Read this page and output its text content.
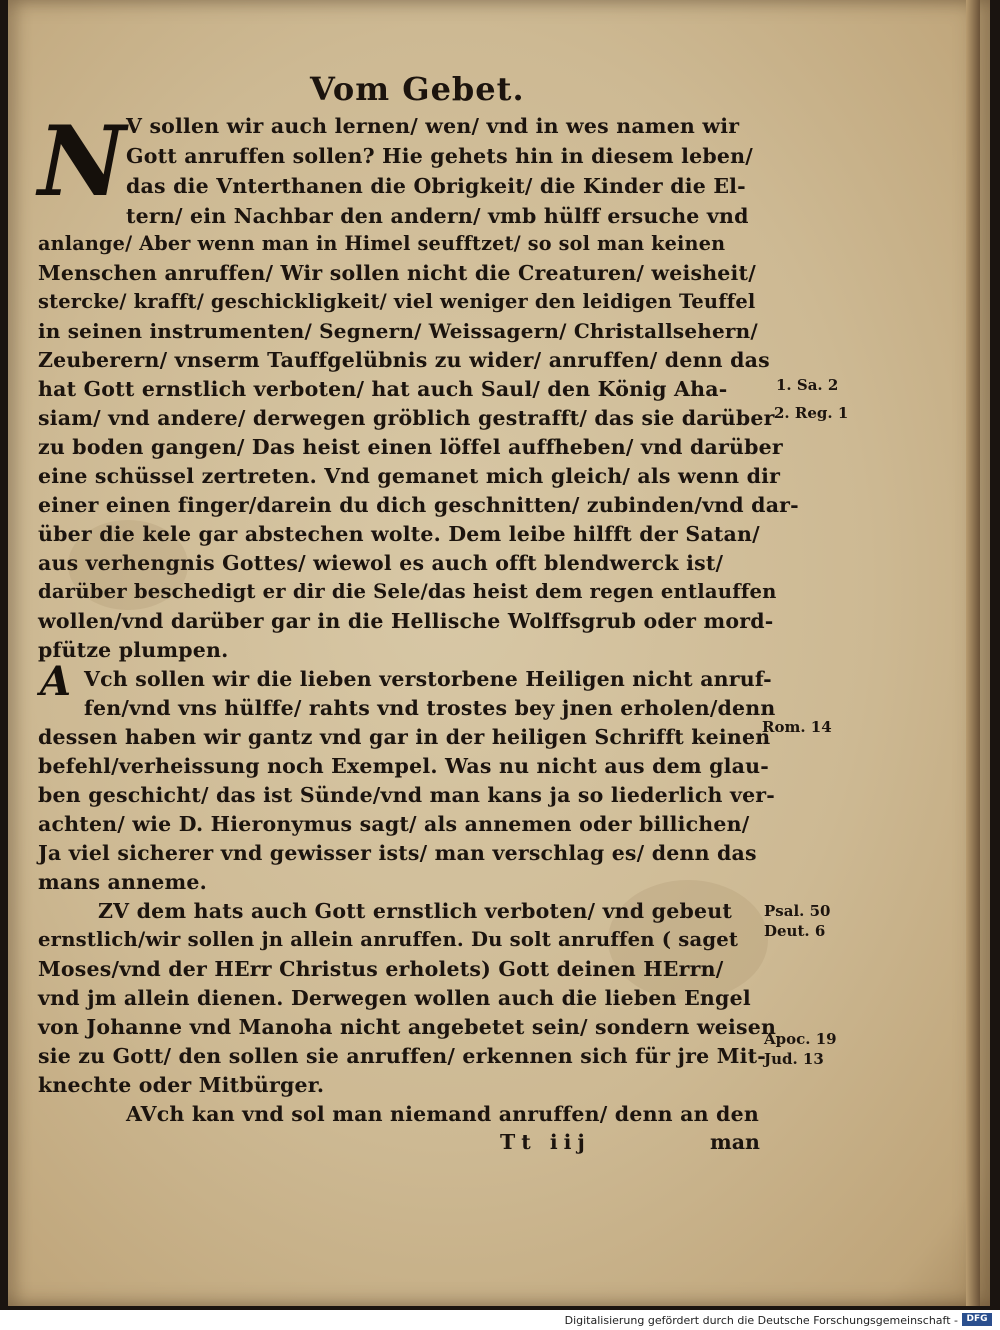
Vom Gebet.
N V sollen wir auch lernen/ wen/ vnd in wes namen wir
Gott anruffen sollen? Hie gehets hin in diesem leben/
das die Vnterthanen die Obrigkeit/ die Kinder die El-
tern/ ein Nachbar den andern/ vmb hülff ersuche vnd
anlange/ Aber wenn man in Himel seufftzet/ so sol man keinen
Menschen anruffen/ Wir sollen nicht die Creaturen/ weisheit/
stercke/ krafft/ geschickligkeit/ viel weniger den leidigen Teuffel
in seinen instrumenten/ Segnern/ Weissagern/ Christallsehern/
Zeuberern/ vnserm Tauffgelübnis zu wider/ anruffen/ denn das
hat Gott ernstlich verboten/ hat auch Saul/ den König Aha-
siam/ vnd andere/ derwegen gröblich gestrafft/ das sie darüber
zu boden gangen/ Das heist einen löffel auffheben/ vnd darüber
eine schüssel zertreten. Vnd gemanet mich gleich/ als wenn dir
einer einen finger/darein du dich geschnitten/ zubinden/vnd dar-
über die kele gar abstechen wolte. Dem leibe hilfft der Satan/
aus verhengnis Gottes/ wiewol es auch offt blendwerck ist/
darüber beschedigt er dir die Sele/das heist dem regen entlauffen
wollen/vnd darüber gar in die Hellische Wolffsgrub oder mord-
pfütze plumpen.
A Vch sollen wir die lieben verstorbene Heiligen nicht anruf-
fen/vnd vns hülffe/ rahts vnd trostes bey jnen erholen/denn
dessen haben wir gantz vnd gar in der heiligen Schrifft keinen
befehl/verheissung noch Exempel. Was nu nicht aus dem glau-
ben geschicht/ das ist Sünde/vnd man kans ja so liederlich ver-
achten/ wie D. Hieronymus sagt/ als annemen oder billichen/
Ja viel sicherer vnd gewisser ists/ man verschlag es/ denn das
mans anneme.
ZV dem hats auch Gott ernstlich verboten/ vnd gebeut
ernstlich/wir sollen jn allein anruffen. Du solt anruffen ( saget
Moses/vnd der HErr Christus erholets) Gott deinen HErrn/
vnd jm allein dienen. Derwegen wollen auch die lieben Engel
von Johanne vnd Manoha nicht angebetet sein/ sondern weisen
sie zu Gott/ den sollen sie anruffen/ erkennen sich für jre Mit-
knechte oder Mitbürger.
AVch kan vnd sol man niemand anruffen/ denn an den
Tt iij	man
1. Sa. 2
2. Reg. 1
Rom. 14
Psal. 50
Deut. 6
Apoc. 19
Jud. 13
Digitalisierung gefördert durch die Deutsche Forschungsgemeinschaft - DFG
